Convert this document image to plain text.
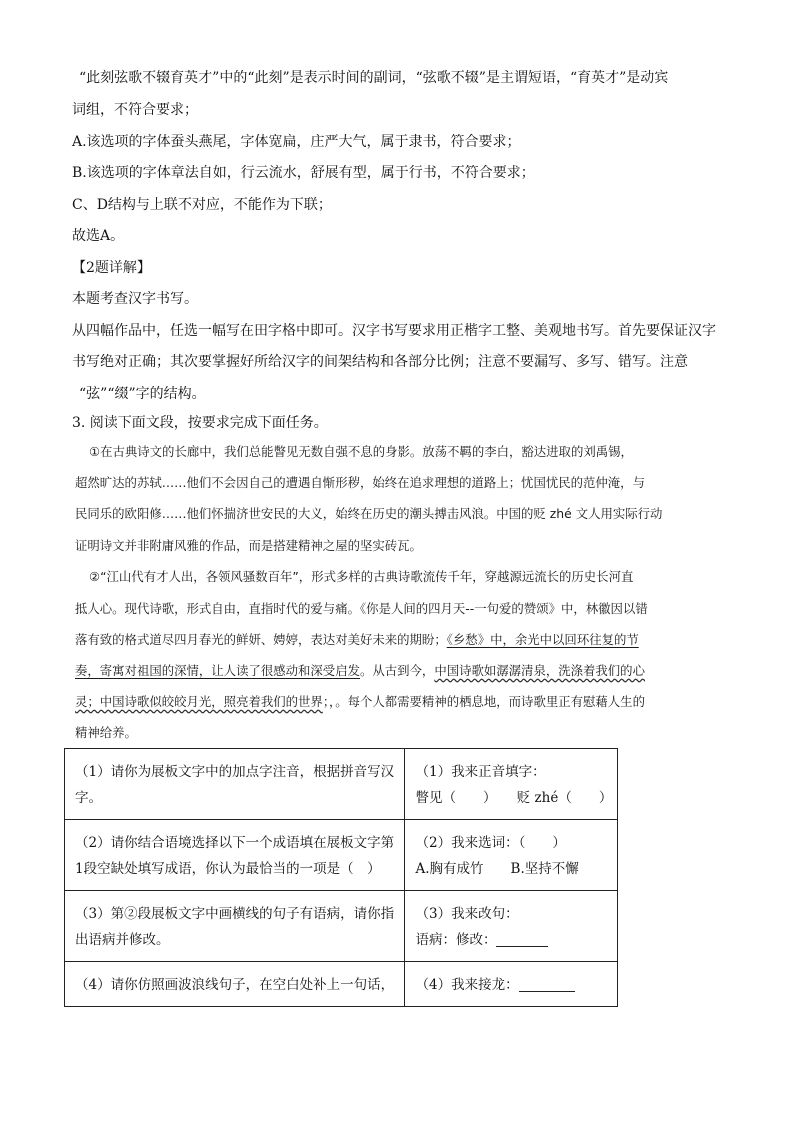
“此刻弦歌不辍育英才”中的“此刻”是表示时间的副词，“弦歌不辍”是主谓短语，“育英才”是动宾
词组，不符合要求；
A.该选项的字体蚕头燕尾，字体宽扁，庄严大气，属于隶书，符合要求；
B.该选项的字体章法自如，行云流水，舒展有型，属于行书，不符合要求；
C、D结构与上联不对应，不能作为下联；
故选A。
【2题详解】
本题考查汉字书写。
从四幅作品中，任选一幅写在田字格中即可。汉字书写要求用正楷字工整、美观地书写。首先要保证汉字
书写绝对正确；其次要掌握好所给汉字的间架结构和各部分比例；注意不要漏写、多写、错写。注意
“弦”“缀”字的结构。
3. 阅读下面文段，按要求完成下面任务。
①在古典诗文的长廊中，我们总能瞥见无数自强不息的身影。放荡不羁的李白，豁达进取的刘禹锡，
超然旷达的苏轼……他们不会因自己的遭遇自惭形秽，始终在追求理想的道路上；忧国忧民的范仲淹，与
民同乐的欧阳修……他们怀揣济世安民的大义，始终在历史的潮头搏击风浪。中国的贬 zhé 文人用实际行动
证明诗文并非附庸风雅的作品，而是搭建精神之屋的坚实砖瓦。
②“江山代有才人出，各领风骚数百年”，形式多样的古典诗歌流传千年，穿越源远流长的历史长河直
抵人心。现代诗歌，形式自由，直指时代的爱与痛。《你是人间的四月天--一句爱的赞颂》中，林徽因以错
落有致的格式道尽四月春光的鲜妍、娉婷，表达对美好未来的期盼；《乡愁》中，余光中以回环往复的节
奏，寄寓对祖国的深情，让人读了很感动和深受启发。从古到今，中国诗歌如潺潺清泉，洗涤着我们的心
灵；中国诗歌似皎皎月光，照亮着我们的世界；，。每个人都需要精神的栖息地，而诗歌里正有慰藉人生的
精神给养。
（1）请你为展板文字中的加点字注音，根据拼音写汉字。	（1）我来正音填字：
瞥见（　　）　　贬 zhé（　　）

（2）请你结合语境选择以下一个成语填在展板文字第1段空缺处填写成语，你认为最恰当的一项是（　）	（2）我来选词：（　　）
A.胸有成竹　　B.坚持不懈

（3）第②段展板文字中画横线的句子有语病，请你指出语病并修改。	（3）我来改句：
语病：修改：

（4）请你仿照画波浪线句子，在空白处补上一句话，	（4）我来接龙：
